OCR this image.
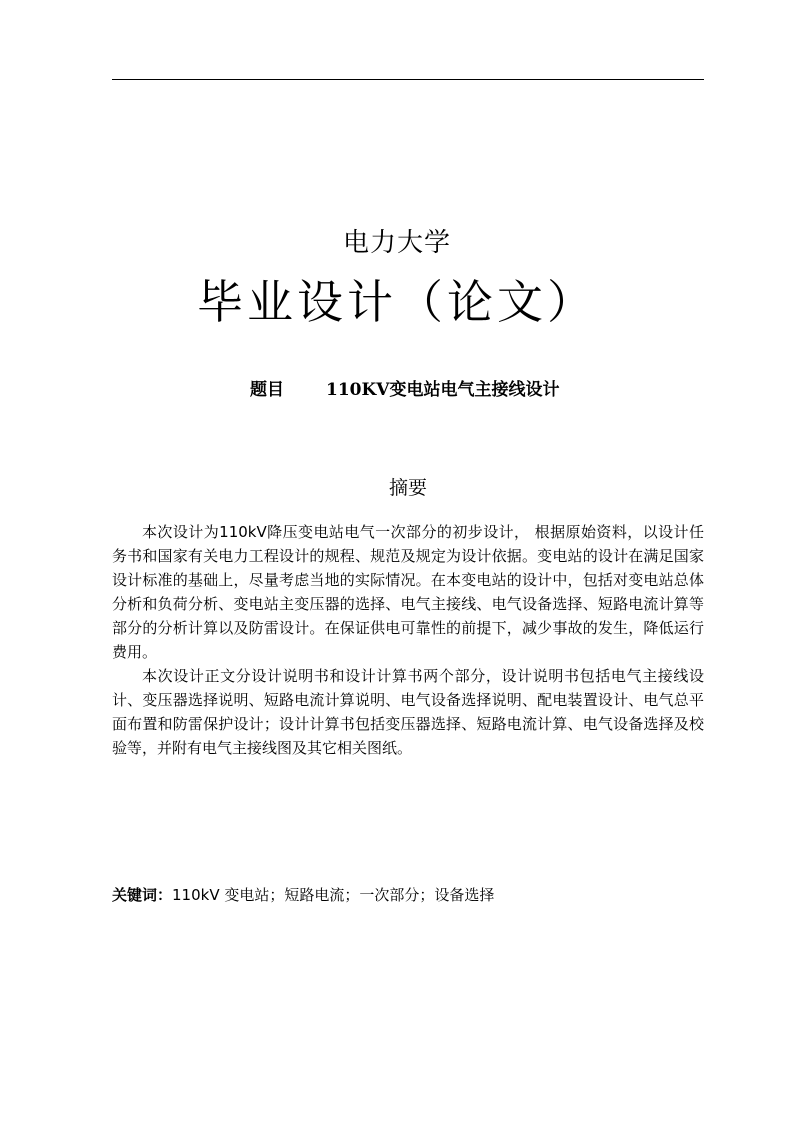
电力大学
毕业设计（论文）
题目 110KV变电站电气主接线设计
摘要

本次设计为110kV降压变电站电气一次部分的初步设计， 根据原始资料，以设计任务书和国家有关电力工程设计的规程、规范及规定为设计依据。变电站的设计在满足国家设计标准的基础上，尽量考虑当地的实际情况。在本变电站的设计中，包括对变电站总体分析和负荷分析、变电站主变压器的选择、电气主接线、电气设备选择、短路电流计算等部分的分析计算以及防雷设计。在保证供电可靠性的前提下，减少事故的发生，降低运行费用。

本次设计正文分设计说明书和设计计算书两个部分，设计说明书包括电气主接线设计、变压器选择说明、短路电流计算说明、电气设备选择说明、配电装置设计、电气总平面布置和防雷保护设计；设计计算书包括变压器选择、短路电流计算、电气设备选择及校验等，并附有电气主接线图及其它相关图纸。

关键词：110kV 变电站；短路电流；一次部分；设备选择
